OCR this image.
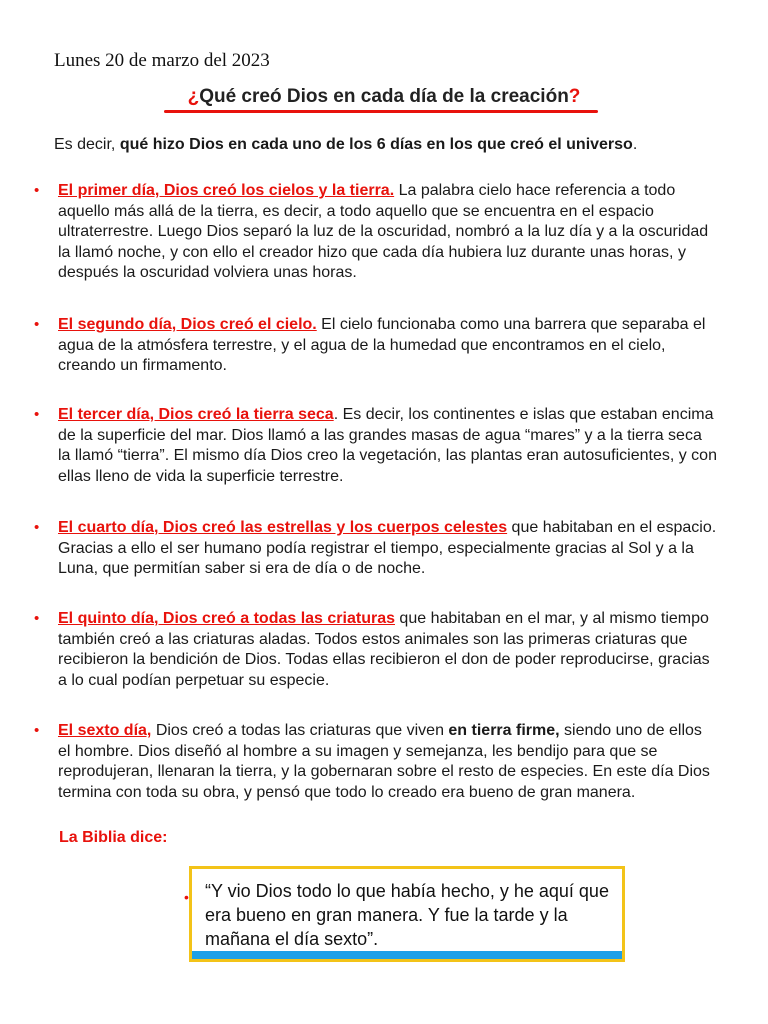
Lunes 20 de marzo del 2023
¿Qué creó Dios en cada día de la creación?
Es decir, qué hizo Dios en cada uno de los 6 días en los que creó el universo.
• El primer día, Dios creó los cielos y la tierra. La palabra cielo hace referencia a todo aquello más allá de la tierra, es decir, a todo aquello que se encuentra en el espacio ultraterrestre. Luego Dios separó la luz de la oscuridad, nombró a la luz día y a la oscuridad la llamó noche, y con ello el creador hizo que cada día hubiera luz durante unas horas, y después la oscuridad volviera unas horas.
• El segundo día, Dios creó el cielo. El cielo funcionaba como una barrera que separaba el agua de la atmósfera terrestre, y el agua de la humedad que encontramos en el cielo, creando un firmamento.
• El tercer día, Dios creó la tierra seca. Es decir, los continentes e islas que estaban encima de la superficie del mar. Dios llamó a las grandes masas de agua “mares” y a la tierra seca la llamó “tierra”. El mismo día Dios creo la vegetación, las plantas eran autosuficientes, y con ellas lleno de vida la superficie terrestre.
• El cuarto día, Dios creó las estrellas y los cuerpos celestes que habitaban en el espacio. Gracias a ello el ser humano podía registrar el tiempo, especialmente gracias al Sol y a la Luna, que permitían saber si era de día o de noche.
• El quinto día, Dios creó a todas las criaturas que habitaban en el mar, y al mismo tiempo también creó a las criaturas aladas. Todos estos animales son las primeras criaturas que recibieron la bendición de Dios. Todas ellas recibieron el don de poder reproducirse, gracias a lo cual podían perpetuar su especie.
• El sexto día, Dios creó a todas las criaturas que viven en tierra firme, siendo uno de ellos el hombre. Dios diseñó al hombre a su imagen y semejanza, les bendijo para que se reprodujeran, llenaran la tierra, y la gobernaran sobre el resto de especies. En este día Dios termina con toda su obra, y pensó que todo lo creado era bueno de gran manera.
La Biblia dice:
• “Y vio Dios todo lo que había hecho, y he aquí que era bueno en gran manera. Y fue la tarde y la mañana el día sexto”.
